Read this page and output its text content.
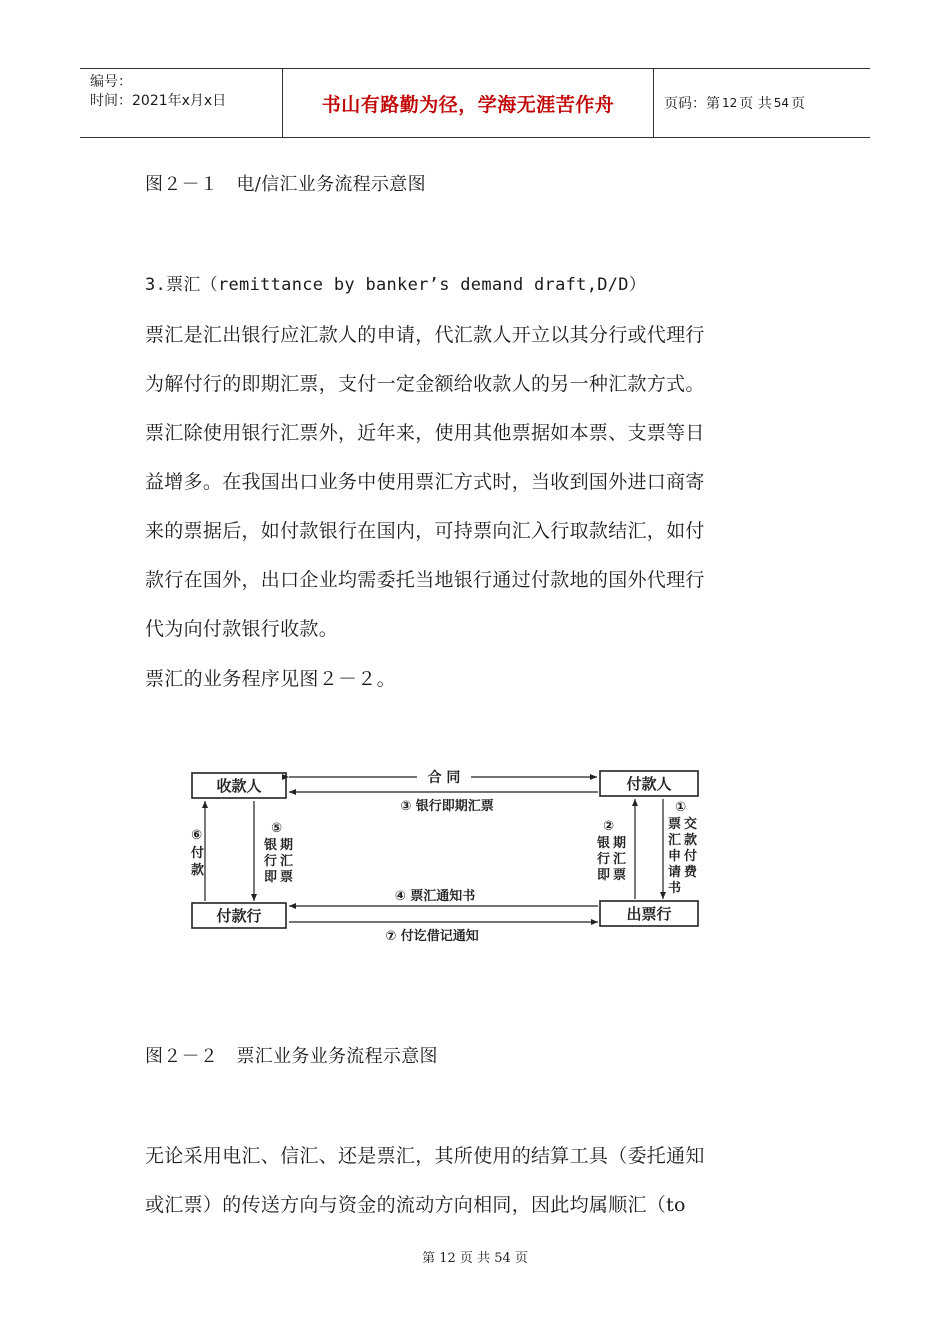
编号：
时间：2021年x月x日	书山有路勤为径，学海无涯苦作舟	页码：第 12 页 共 54 页

图２－１　电/信汇业务流程示意图

3.票汇（remittance by banker’s demand draft,D/D）

票汇是汇出银行应汇款人的申请，代汇款人开立以其分行或代理行

为解付行的即期汇票，支付一定金额给收款人的另一种汇款方式。

票汇除使用银行汇票外，近年来，使用其他票据如本票、支票等日

益增多。在我国出口业务中使用票汇方式时，当收到国外进口商寄

来的票据后，如付款银行在国内，可持票向汇入行取款结汇，如付

款行在国外，出口企业均需委托当地银行通过付款地的国外代理行

代为向付款银行收款。

票汇的业务程序见图２－２。

收款人	付款人
付款行	出票行
合 同
③ 银行即期汇票
④ 票汇通知书
⑦ 付讫借记通知
⑥
付
款
⑤
银
行
即
期
汇
票
②
银
行
即
期
汇
票
①
票
汇
申
请
书
交
款
付
费

图２－２　票汇业务业务流程示意图

无论采用电汇、信汇、还是票汇，其所使用的结算工具（委托通知

或汇票）的传送方向与资金的流动方向相同，因此均属顺汇（to

第 12 页 共 54 页
